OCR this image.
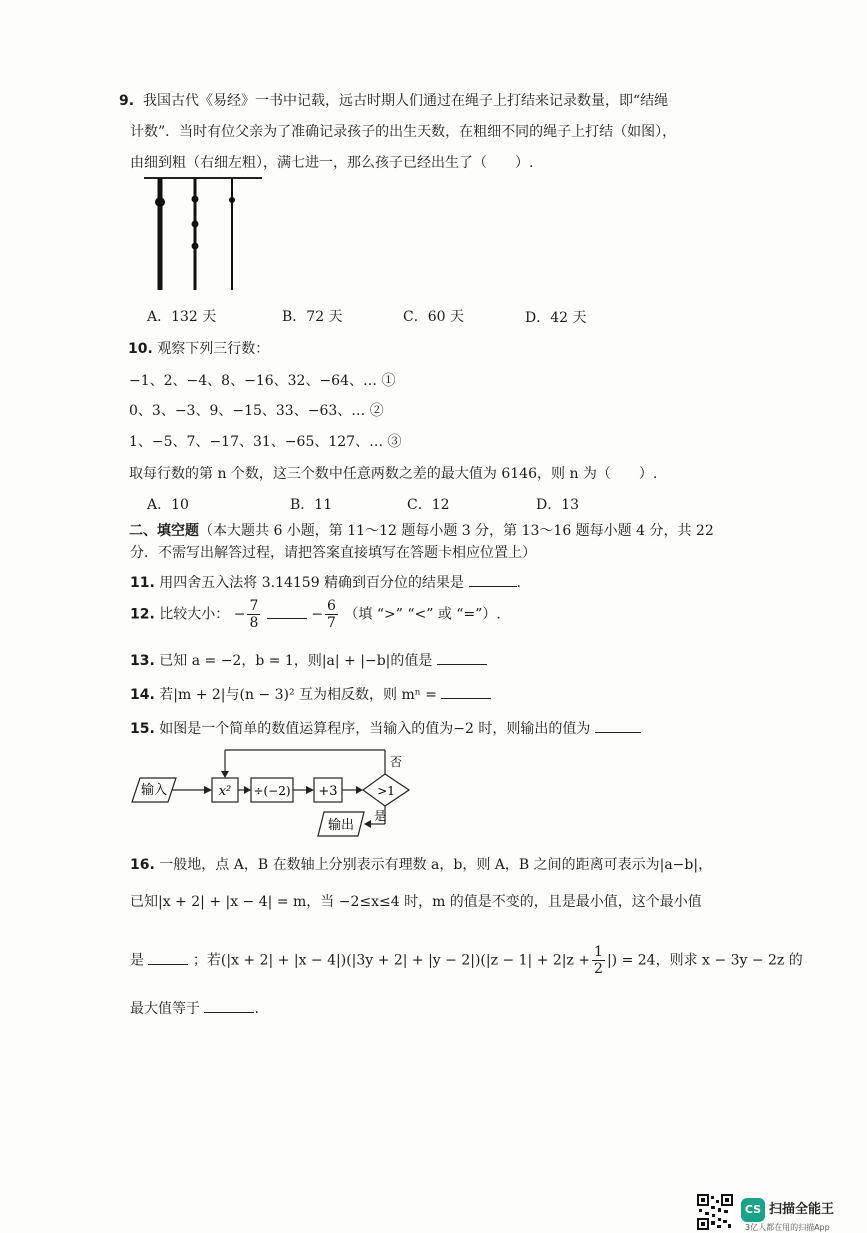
9. 我国古代《易经》一书中记载，远古时期人们通过在绳子上打结来记录数量，即“结绳
计数”．当时有位父亲为了准确记录孩子的出生天数，在粗细不同的绳子上打结（如图），
由细到粗（右细左粗），满七进一，那么孩子已经出生了（　　）.
A．132 天	B．72 天	C．60 天	D．42 天
10. 观察下列三行数：
−1、2、−4、8、−16、32、−64、… ①
0、3、−3、9、−15、33、−63、… ②
1、−5、7、−17、31、−65、127、… ③
取每行数的第 n 个数，这三个数中任意两数之差的最大值为 6146，则 n 为（　　）.
A．10	B．11	C．12	D．13
二、填空题（本大题共 6 小题，第 11～12 题每小题 3 分，第 13～16 题每小题 4 分，共 22
分．不需写出解答过程，请把答案直接填写在答题卡相应位置上）
11. 用四舍五入法将 3.14159 精确到百分位的结果是	.
12. 比较大小： − $\frac{7}{8}$	− $\frac{6}{7}$ （填 “>” “<” 或 “=”）.
13. 已知 a = −2，b = 1，则|a| + |−b|的值是
14. 若|m + 2|与(n − 3)² 互为相反数，则 mⁿ =
15. 如图是一个简单的数值运算程序，当输入的值为−2 时，则输出的值为
输入	x² ÷(−2) +3	>1
否
是
输出
16. 一般地，点 A，B 在数轴上分别表示有理数 a，b，则 A，B 之间的距离可表示为|a−b|，
已知|x + 2| + |x − 4| = m，当 −2≤x≤4 时，m 的值是不变的，且是最小值，这个最小值
是	；若$(|x + 2| + |x - 4|)(|3y + 2| + |y - 2|)(|z - 1| + 2|z + \frac{1}{2}$ |) = 24，则求 x − 3y − 2z 的
最大值等于	.
CS 扫描全能王
3亿人都在用的扫描App
